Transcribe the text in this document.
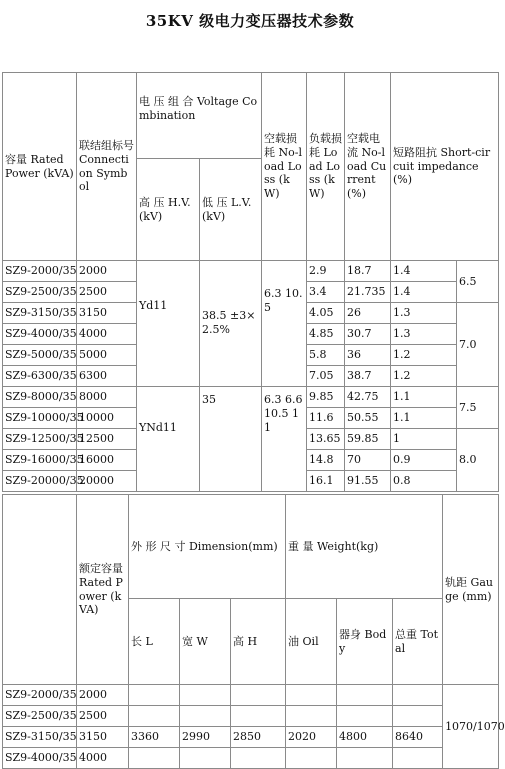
35KV 级电力变压器技术参数
容量 Rated Power (kVA)	联结组标号 Connection Symbol	电 压 组 合 Voltage Combination		空载损耗 No-load Loss (kW)	负载损耗 Load Loss (kW)	空载电流 No-load Current (%)	短路阻抗 Short-circuit impedance (%)	
		高 压 H.V. (kV)	低 压 L.V. (kV)					
SZ9-2000/35	2000	Yd11	38.5 ±3×2.5%	6.3 10.5	2.9	18.7	1.4	6.5
SZ9-2500/35	2500				3.4	21.735	1.4	
SZ9-3150/35	3150				4.05	26	1.3	7.0
SZ9-4000/35	4000				4.85	30.7	1.3	
SZ9-5000/35	5000				5.8	36	1.2	
SZ9-6300/35	6300				7.05	38.7	1.2	
SZ9-8000/35	8000	YNd11	35	6.3 6.6 10.5 11	9.85	42.75	1.1	7.5
SZ9-10000/35	10000				11.6	50.55	1.1	
SZ9-12500/35	12500				13.65	59.85	1	8.0
SZ9-16000/35	16000				14.8	70	0.9	
SZ9-20000/35	20000				16.1	91.55	0.8	
	额定容量 Rated Power (kVA)	外 形 尺 寸 Dimension(mm)			重 量 Weight(kg)			轨距 Gauge (mm)
		长 L	宽 W	高 H	油 Oil	器身 Body	总重 Total	
SZ9-2000/35	2000							1070/1070
SZ9-2500/35	2500							
SZ9-3150/35	3150	3360	2990	2850	2020	4800	8640	
SZ9-4000/35	4000							
